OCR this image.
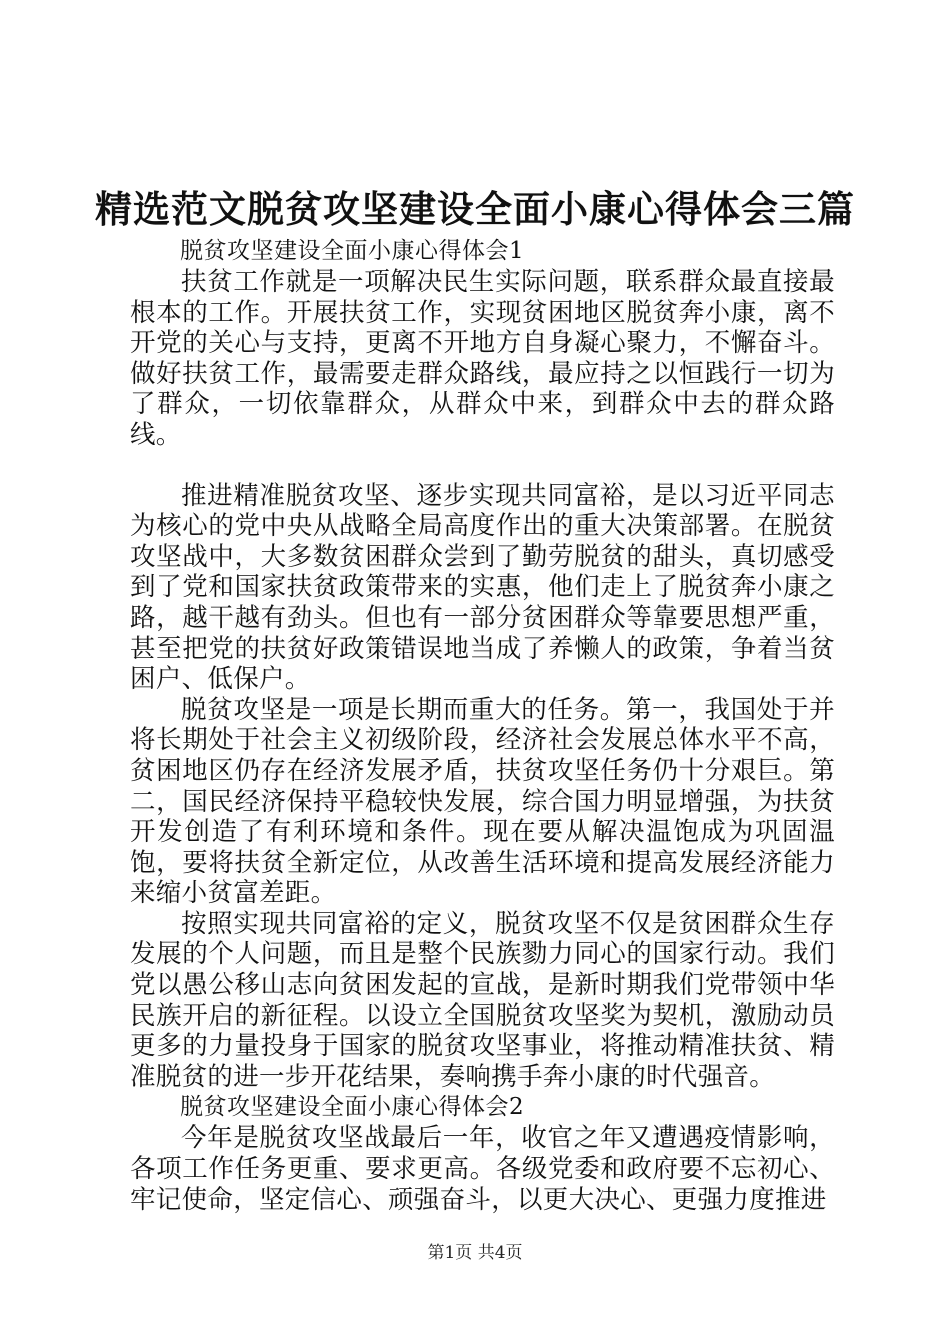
精选范文脱贫攻坚建设全面小康心得体会三篇

脱贫攻坚建设全面小康心得体会1

扶贫工作就是一项解决民生实际问题，联系群众最直接最根本的工作。开展扶贫工作，实现贫困地区脱贫奔小康，离不开党的关心与支持，更离不开地方自身凝心聚力，不懈奋斗。做好扶贫工作，最需要走群众路线，最应持之以恒践行一切为了群众，一切依靠群众，从群众中来，到群众中去的群众路线。

推进精准脱贫攻坚、逐步实现共同富裕，是以习近平同志为核心的党中央从战略全局高度作出的重大决策部署。在脱贫攻坚战中，大多数贫困群众尝到了勤劳脱贫的甜头，真切感受到了党和国家扶贫政策带来的实惠，他们走上了脱贫奔小康之路，越干越有劲头。但也有一部分贫困群众等靠要思想严重，甚至把党的扶贫好政策错误地当成了养懒人的政策，争着当贫困户、低保户。

脱贫攻坚是一项是长期而重大的任务。第一，我国处于并将长期处于社会主义初级阶段，经济社会发展总体水平不高，贫困地区仍存在经济发展矛盾，扶贫攻坚任务仍十分艰巨。第二，国民经济保持平稳较快发展，综合国力明显增强，为扶贫开发创造了有利环境和条件。现在要从解决温饱成为巩固温饱，要将扶贫全新定位，从改善生活环境和提高发展经济能力来缩小贫富差距。

按照实现共同富裕的定义，脱贫攻坚不仅是贫困群众生存发展的个人问题，而且是整个民族勠力同心的国家行动。我们党以愚公移山志向贫困发起的宣战，是新时期我们党带领中华民族开启的新征程。以设立全国脱贫攻坚奖为契机，激励动员更多的力量投身于国家的脱贫攻坚事业，将推动精准扶贫、精准脱贫的进一步开花结果，奏响携手奔小康的时代强音。

脱贫攻坚建设全面小康心得体会2

今年是脱贫攻坚战最后一年，收官之年又遭遇疫情影响，各项工作任务更重、要求更高。各级党委和政府要不忘初心、牢记使命，坚定信心、顽强奋斗，以更大决心、更强力度推进

第1页 共4页
